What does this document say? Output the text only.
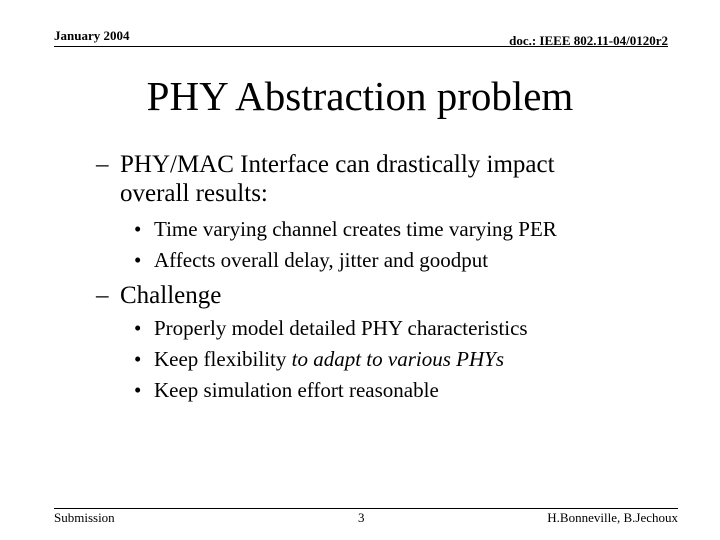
January 2004	doc.: IEEE 802.11-04/0120r2
PHY Abstraction problem
– PHY/MAC Interface can drastically impact
overall results:
• Time varying channel creates time varying PER
• Affects overall delay, jitter and goodput
– Challenge
• Properly model detailed PHY characteristics
• Keep flexibility to adapt to various PHYs
• Keep simulation effort reasonable
Submission	3	H.Bonneville, B.Jechoux
